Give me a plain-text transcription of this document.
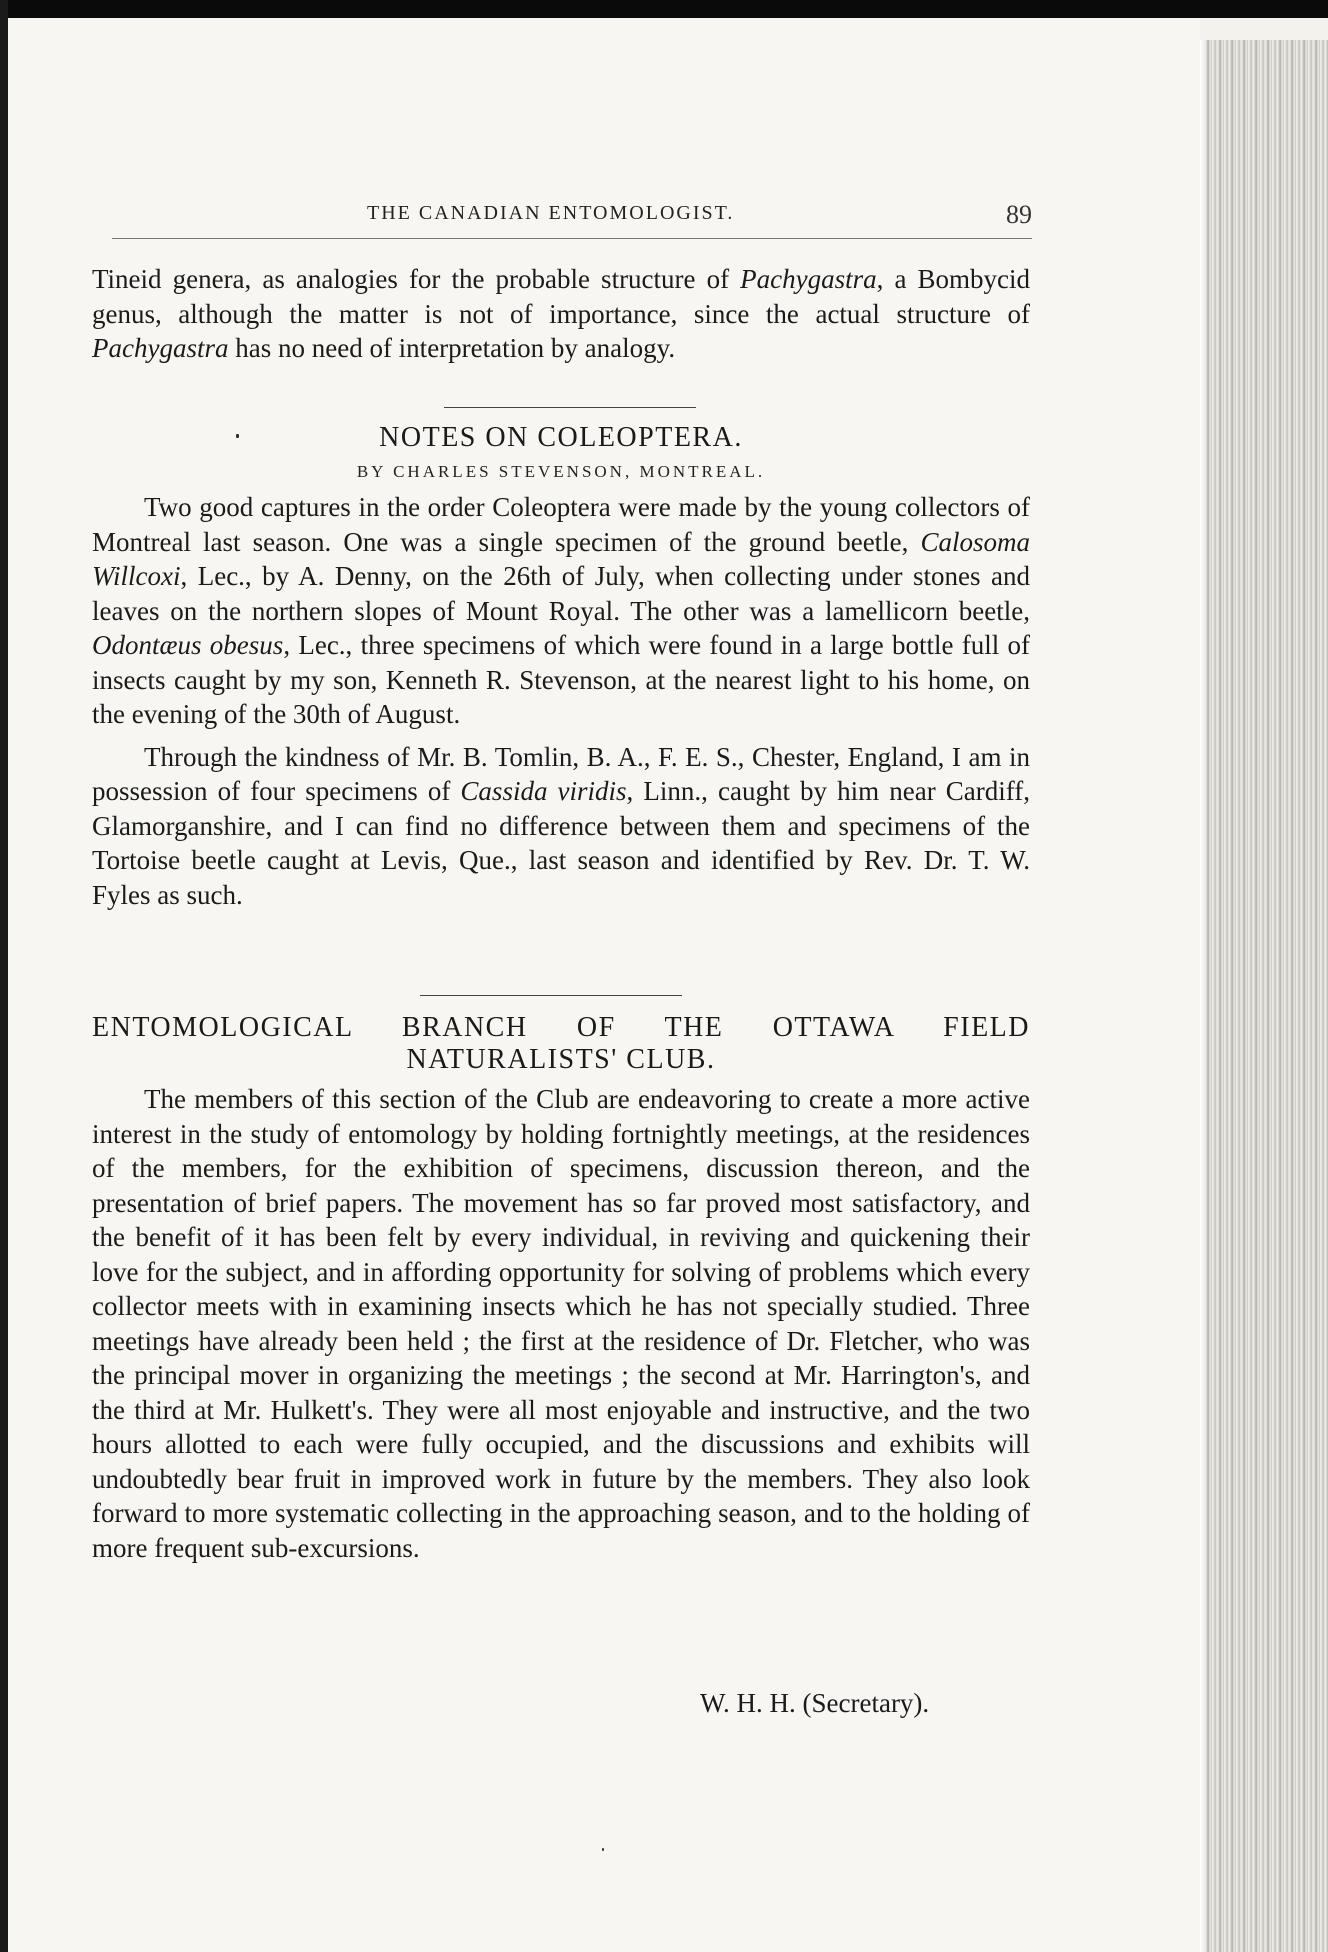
THE CANADIAN ENTOMOLOGIST.	89

Tineid genera, as analogies for the probable structure of Pachygastra, a Bombycid genus, although the matter is not of importance, since the actual structure of Pachygastra has no need of interpretation by analogy.

NOTES ON COLEOPTERA.
BY CHARLES STEVENSON, MONTREAL.

Two good captures in the order Coleoptera were made by the young collectors of Montreal last season. One was a single specimen of the ground beetle, Calosoma Willcoxi, Lec., by A. Denny, on the 26th of July, when collecting under stones and leaves on the northern slopes of Mount Royal. The other was a lamellicorn beetle, Odontæus obesus, Lec., three specimens of which were found in a large bottle full of insects caught by my son, Kenneth R. Stevenson, at the nearest light to his home, on the evening of the 30th of August.

Through the kindness of Mr. B. Tomlin, B. A., F. E. S., Chester, England, I am in possession of four specimens of Cassida viridis, Linn., caught by him near Cardiff, Glamorganshire, and I can find no difference between them and specimens of the Tortoise beetle caught at Levis, Que., last season and identified by Rev. Dr. T. W. Fyles as such.

ENTOMOLOGICAL BRANCH OF THE OTTAWA FIELD
NATURALISTS' CLUB.

The members of this section of the Club are endeavoring to create a more active interest in the study of entomology by holding fortnightly meetings, at the residences of the members, for the exhibition of specimens, discussion thereon, and the presentation of brief papers. The movement has so far proved most satisfactory, and the benefit of it has been felt by every individual, in reviving and quickening their love for the subject, and in affording opportunity for solving of problems which every collector meets with in examining insects which he has not specially studied. Three meetings have already been held ; the first at the residence of Dr. Fletcher, who was the principal mover in organizing the meetings ; the second at Mr. Harrington's, and the third at Mr. Hulkett's. They were all most enjoyable and instructive, and the two hours allotted to each were fully occupied, and the discussions and exhibits will undoubtedly bear fruit in improved work in future by the members. They also look forward to more systematic collecting in the approaching season, and to the holding of more frequent sub-excursions.

W. H. H. (Secretary).
